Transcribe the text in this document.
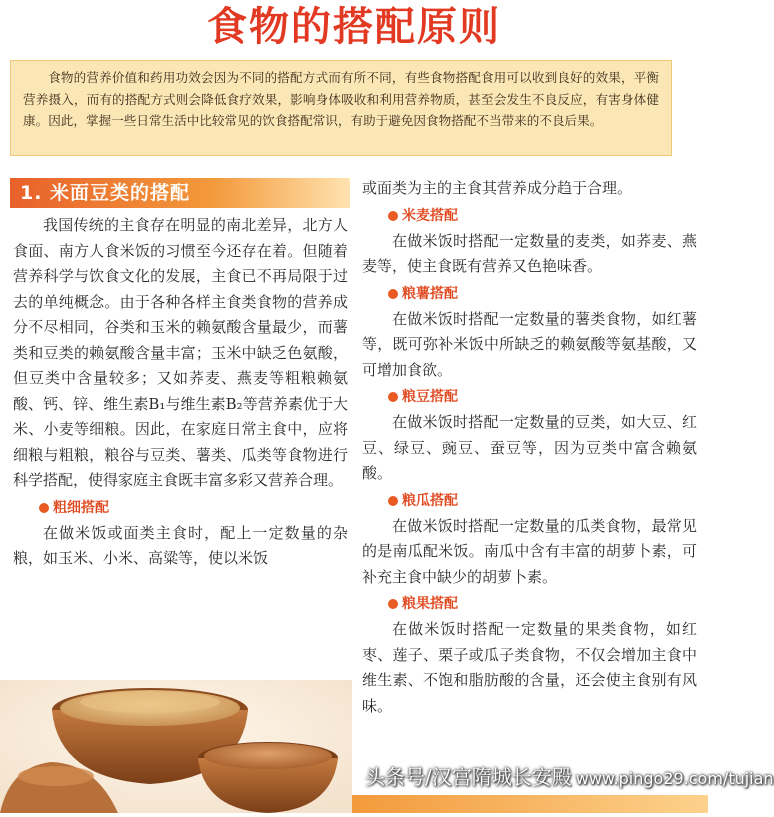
食物的搭配原则
食物的营养价值和药用功效会因为不同的搭配方式而有所不同，有些食物搭配食用可以收到良好的效果，平衡营养摄入，而有的搭配方式则会降低食疗效果，影响身体吸收和利用营养物质，甚至会发生不良反应，有害身体健康。因此，掌握一些日常生活中比较常见的饮食搭配常识，有助于避免因食物搭配不当带来的不良后果。
1. 米面豆类的搭配

我国传统的主食存在明显的南北差异，北方人食面、南方人食米饭的习惯至今还存在着。但随着营养科学与饮食文化的发展，主食已不再局限于过去的单纯概念。由于各种各样主食类食物的营养成分不尽相同，谷类和玉米的赖氨酸含量最少，而薯类和豆类的赖氨酸含量丰富；玉米中缺乏色氨酸，但豆类中含量较多；又如荞麦、燕麦等粗粮赖氨酸、钙、锌、维生素B₁与维生素B₂等营养素优于大米、小麦等细粮。因此，在家庭日常主食中，应将细粮与粗粮，粮谷与豆类、薯类、瓜类等食物进行科学搭配，使得家庭主食既丰富多彩又营养合理。

粗细搭配

在做米饭或面类主食时，配上一定数量的杂粮，如玉米、小米、高粱等，使以米饭

或面类为主的主食其营养成分趋于合理。

米麦搭配

在做米饭时搭配一定数量的麦类，如荞麦、燕麦等，使主食既有营养又色艳味香。

粮薯搭配

在做米饭时搭配一定数量的薯类食物，如红薯等，既可弥补米饭中所缺乏的赖氨酸等氨基酸，又可增加食欲。

粮豆搭配

在做米饭时搭配一定数量的豆类，如大豆、红豆、绿豆、豌豆、蚕豆等，因为豆类中富含赖氨酸。

粮瓜搭配

在做米饭时搭配一定数量的瓜类食物，最常见的是南瓜配米饭。南瓜中含有丰富的胡萝卜素，可补充主食中缺少的胡萝卜素。

粮果搭配

在做米饭时搭配一定数量的果类食物，如红枣、莲子、栗子或瓜子类食物，不仅会增加主食中维生素、不饱和脂肪酸的含量，还会使主食别有风味。

头条号/汉宫隋城长安殿 www.pingo29.com/tujian
